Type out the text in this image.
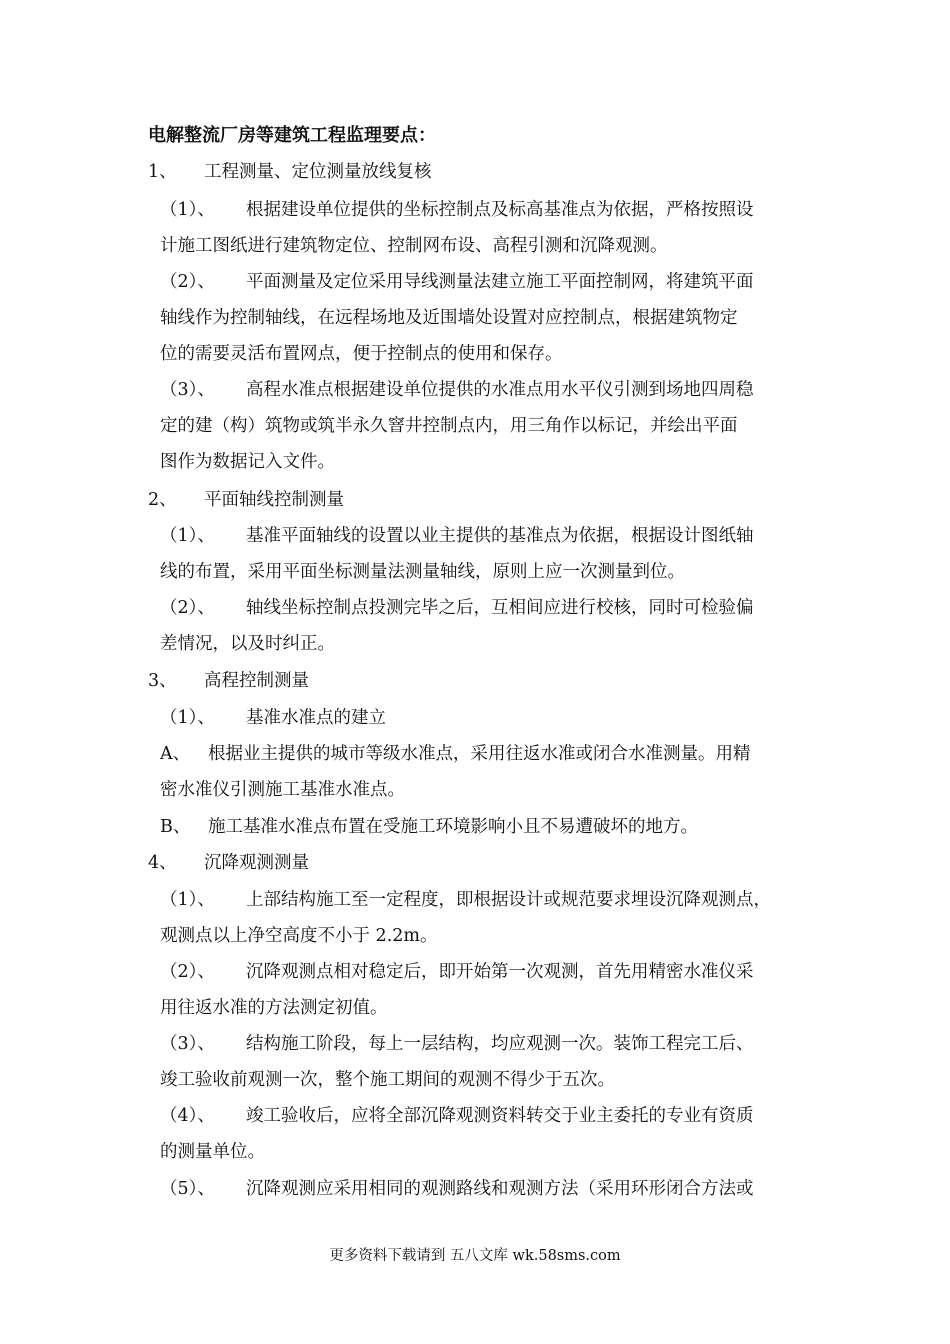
电解整流厂房等建筑工程监理要点：
1、 工程测量、定位测量放线复核
（1）、 根据建设单位提供的坐标控制点及标高基准点为依据，严格按照设
计施工图纸进行建筑物定位、控制网布设、高程引测和沉降观测。
（2）、 平面测量及定位采用导线测量法建立施工平面控制网，将建筑平面
轴线作为控制轴线，在远程场地及近围墙处设置对应控制点，根据建筑物定
位的需要灵活布置网点，便于控制点的使用和保存。
（3）、 高程水准点根据建设单位提供的水准点用水平仪引测到场地四周稳
定的建（构）筑物或筑半永久窨井控制点内，用三角作以标记，并绘出平面
图作为数据记入文件。
2、 平面轴线控制测量
（1）、 基准平面轴线的设置以业主提供的基准点为依据，根据设计图纸轴
线的布置，采用平面坐标测量法测量轴线，原则上应一次测量到位。
（2）、 轴线坐标控制点投测完毕之后，互相间应进行校核，同时可检验偏
差情况，以及时纠正。
3、 高程控制测量
（1）、 基准水准点的建立
A、 根据业主提供的城市等级水准点，采用往返水准或闭合水准测量。用精
密水准仪引测施工基准水准点。
B、 施工基准水准点布置在受施工环境影响小且不易遭破坏的地方。
4、 沉降观测测量
（1）、 上部结构施工至一定程度，即根据设计或规范要求埋设沉降观测点，
观测点以上净空高度不小于 2.2m。
（2）、 沉降观测点相对稳定后，即开始第一次观测，首先用精密水准仪采
用往返水准的方法测定初值。
（3）、 结构施工阶段，每上一层结构，均应观测一次。装饰工程完工后、
竣工验收前观测一次，整个施工期间的观测不得少于五次。
（4）、 竣工验收后，应将全部沉降观测资料转交于业主委托的专业有资质
的测量单位。
（5）、 沉降观测应采用相同的观测路线和观测方法（采用环形闭合方法或
更多资料下载请到 五八文库 wk.58sms.com
